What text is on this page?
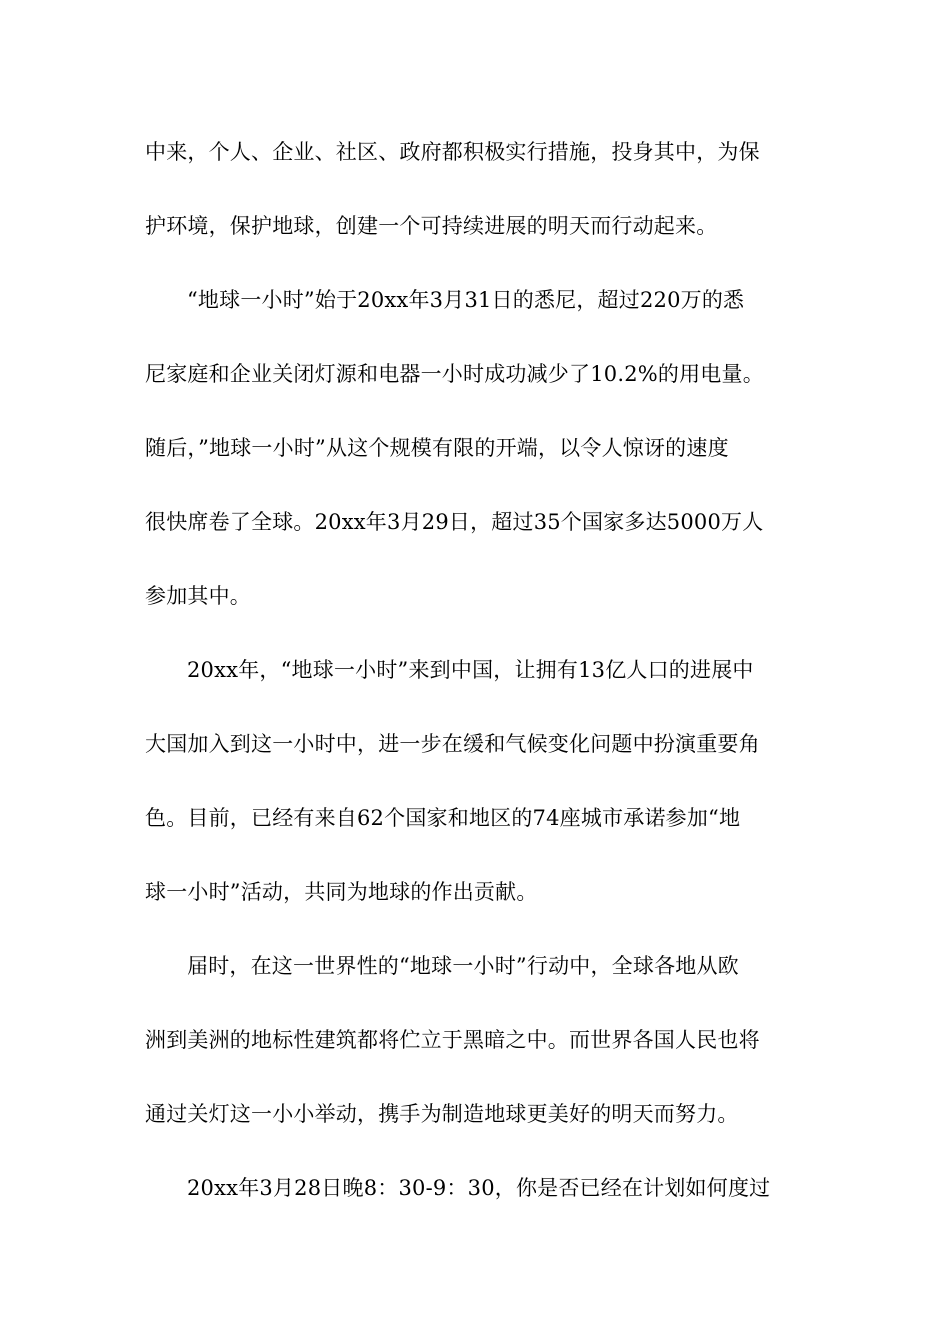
中来，个人、企业、社区、政府都积极实行措施，投身其中，为保
护环境，保护地球，创建一个可持续进展的明天而行动起来。
“地球一小时”始于20xx年3月31日的悉尼，超过220万的悉
尼家庭和企业关闭灯源和电器一小时成功减少了10.2%的用电量。
随后，”地球一小时”从这个规模有限的开端，以令人惊讶的速度
很快席卷了全球。20xx年3月29日，超过35个国家多达5000万人
参加其中。
20xx年，“地球一小时”来到中国，让拥有13亿人口的进展中
大国加入到这一小时中，进一步在缓和气候变化问题中扮演重要角
色。目前，已经有来自62个国家和地区的74座城市承诺参加“地
球一小时”活动，共同为地球的作出贡献。
届时，在这一世界性的“地球一小时”行动中，全球各地从欧
洲到美洲的地标性建筑都将伫立于黑暗之中。而世界各国人民也将
通过关灯这一小小举动，携手为制造地球更美好的明天而努力。
20xx年3月28日晚8：30-9：30，你是否已经在计划如何度过
